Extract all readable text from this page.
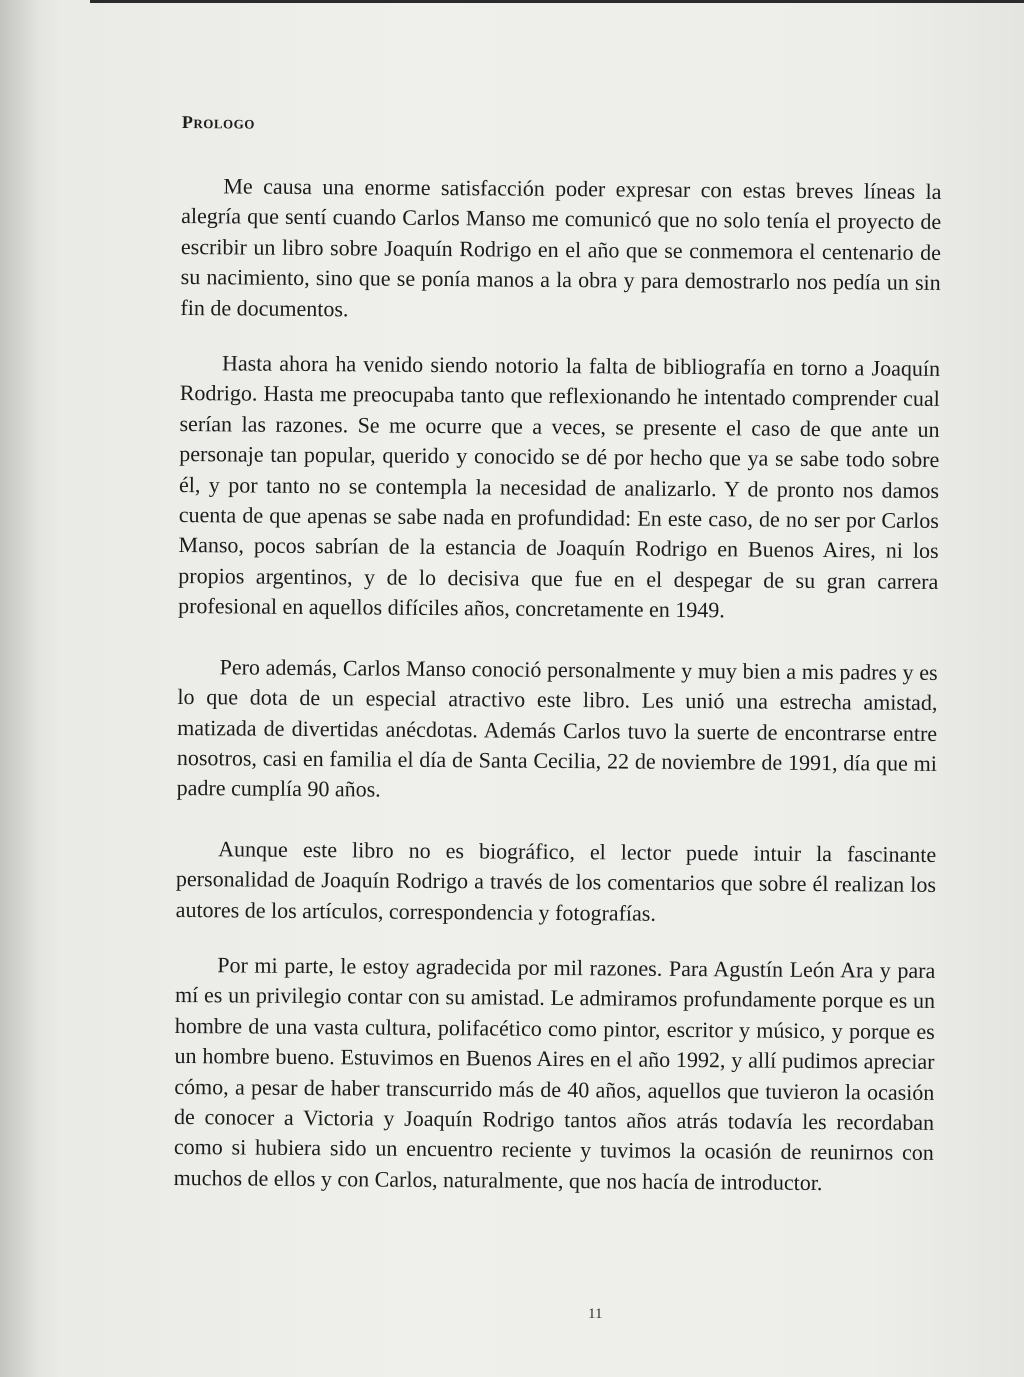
Prologo

Me causa una enorme satisfacción poder expresar con estas breves líneas la alegría que sentí cuando Carlos Manso me comunicó que no solo tenía el proyecto de escribir un libro sobre Joaquín Rodrigo en el año que se conmemora el centenario de su nacimiento, sino que se ponía manos a la obra y para demostrarlo nos pedía un sin fin de documentos.

Hasta ahora ha venido siendo notorio la falta de bibliografía en torno a Joaquín Rodrigo. Hasta me preocupaba tanto que reflexionando he intentado comprender cual serían las razones. Se me ocurre que a veces, se presente el caso de que ante un personaje tan popular, querido y conocido se dé por hecho que ya se sabe todo sobre él, y por tanto no se contempla la necesidad de analizarlo. Y de pronto nos damos cuenta de que apenas se sabe nada en profundidad: En este caso, de no ser por Carlos Manso, pocos sabrían de la estancia de Joaquín Rodrigo en Buenos Aires, ni los propios argentinos, y de lo decisiva que fue en el despegar de su gran carrera profesional en aquellos difíciles años, concretamente en 1949.

Pero además, Carlos Manso conoció personalmente y muy bien a mis padres y es lo que dota de un especial atractivo este libro. Les unió una estrecha amistad, matizada de divertidas anécdotas. Además Carlos tuvo la suerte de encontrarse entre nosotros, casi en familia el día de Santa Cecilia, 22 de noviembre de 1991, día que mi padre cumplía 90 años.

Aunque este libro no es biográfico, el lector puede intuir la fascinante personalidad de Joaquín Rodrigo a través de los comentarios que sobre él realizan los autores de los artículos, correspondencia y fotografías.

Por mi parte, le estoy agradecida por mil razones. Para Agustín León Ara y para mí es un privilegio contar con su amistad. Le admiramos profundamente porque es un hombre de una vasta cultura, polifacético como pintor, escritor y músico, y porque es un hombre bueno. Estuvimos en Buenos Aires en el año 1992, y allí pudimos apreciar cómo, a pesar de haber transcurrido más de 40 años, aquellos que tuvieron la ocasión de conocer a Victoria y Joaquín Rodrigo tantos años atrás todavía les recordaban como si hubiera sido un encuentro reciente y tuvimos la ocasión de reunirnos con muchos de ellos y con Carlos, naturalmente, que nos hacía de introductor.

11
